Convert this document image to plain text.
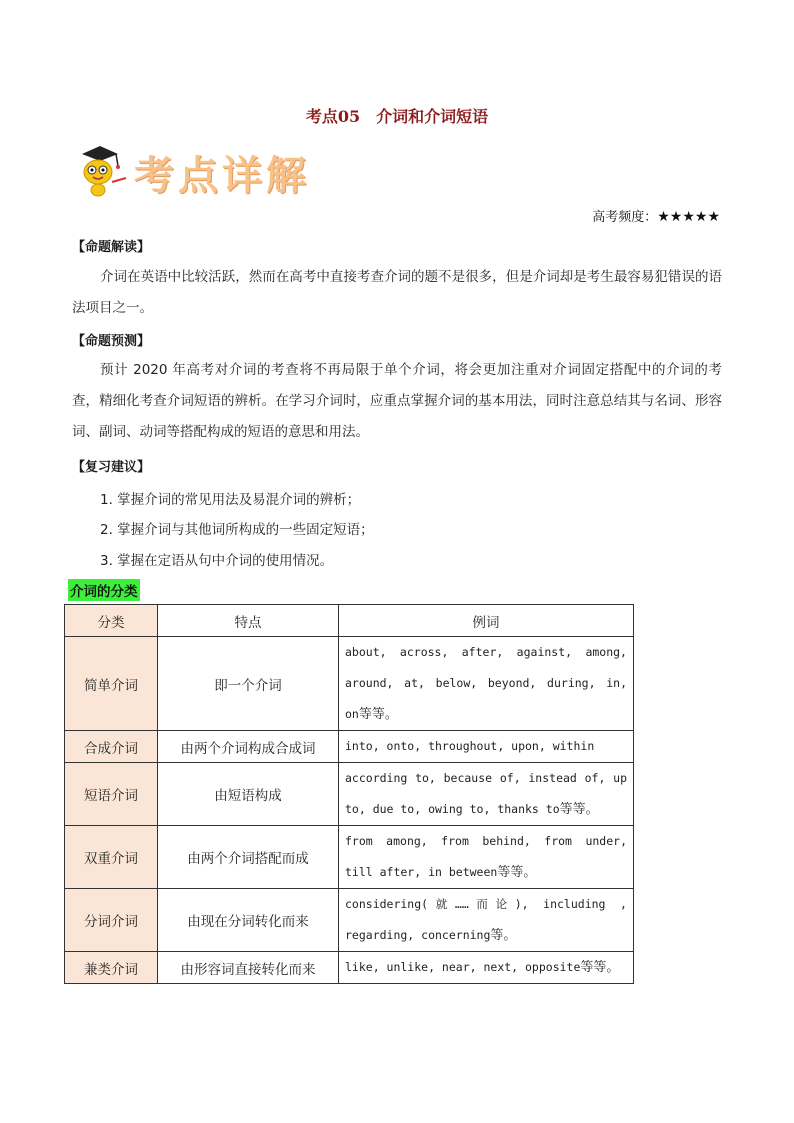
考点05 介词和介词短语
考点详解
高考频度：★★★★★
【命题解读】
介词在英语中比较活跃，然而在高考中直接考查介词的题不是很多，但是介词却是考生最容易犯错误的语法项目之一。
【命题预测】
预计 2020 年高考对介词的考查将不再局限于单个介词，将会更加注重对介词固定搭配中的介词的考查，精细化考查介词短语的辨析。在学习介词时，应重点掌握介词的基本用法，同时注意总结其与名词、形容词、副词、动词等搭配构成的短语的意思和用法。
【复习建议】
1. 掌握介词的常见用法及易混介词的辨析；
2. 掌握介词与其他词所构成的一些固定短语；
3. 掌握在定语从句中介词的使用情况。
介词的分类
分类	特点	例词
简单介词	即一个介词	about, across, after, against, among, around, at, below, beyond, during, in, on等等。
合成介词	由两个介词构成合成词	into, onto, throughout, upon, within
短语介词	由短语构成	according to, because of, instead of, up to, due to, owing to, thanks to等等。
双重介词	由两个介词搭配而成	from among, from behind, from under, till after, in between等等。
分词介词	由现在分词转化而来	considering(就……而论), including , regarding, concerning等。
兼类介词	由形容词直接转化而来	like, unlike, near, next, opposite等等。
